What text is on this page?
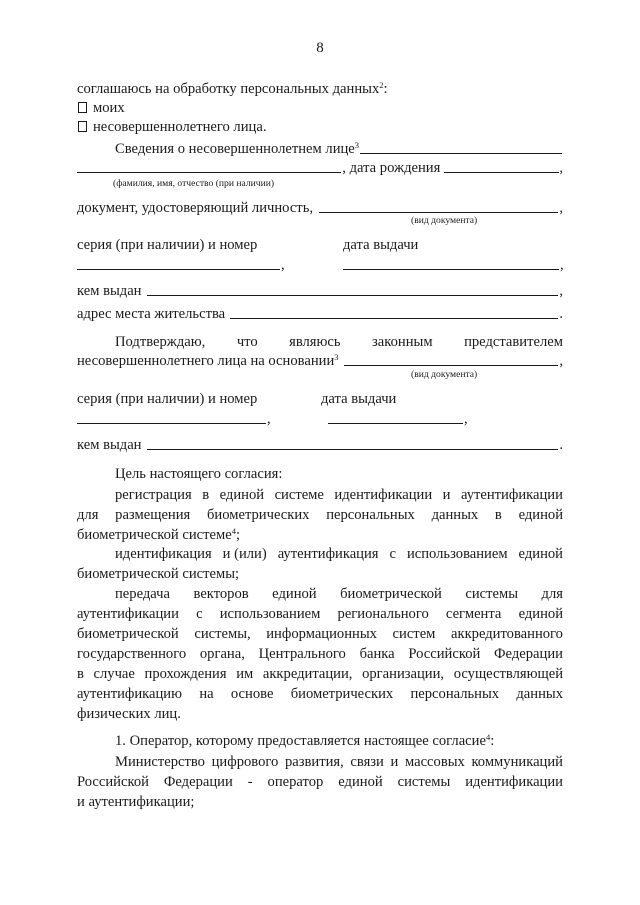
8
соглашаюсь на обработку персональных данных$^2$:
моих
несовершеннолетнего лица.
Сведения о несовершеннолетнем лице$^3$
, дата рождения	,
(фамилия, имя, отчество (при наличии)
документ, удостоверяющий личность,	,
(вид документа)
серия (при наличии) и номер	дата выдачи
,	,
кем выдан	,
адрес места жительства	.
Подтверждаю, что являюсь законным представителем
несовершеннолетнего лица на основании$^3$	,
(вид документа)
серия (при наличии) и номер	дата выдачи
,	,
кем выдан	.
Цель настоящего согласия:
регистрация в единой системе идентификации и аутентификации
для размещения биометрических персональных данных в единой
биометрической системе$^4$;
идентификация и (или) аутентификация с использованием единой
биометрической системы;
передача векторов единой биометрической системы для
аутентификации с использованием регионального сегмента единой
биометрической системы, информационных систем аккредитованного
государственного органа, Центрального банка Российской Федерации
в случае прохождения им аккредитации, организации, осуществляющей
аутентификацию на основе биометрических персональных данных
физических лиц.
1. Оператор, которому предоставляется настоящее согласие$^4$:
Министерство цифрового развития, связи и массовых коммуникаций
Российской Федерации - оператор единой системы идентификации
и аутентификации;
